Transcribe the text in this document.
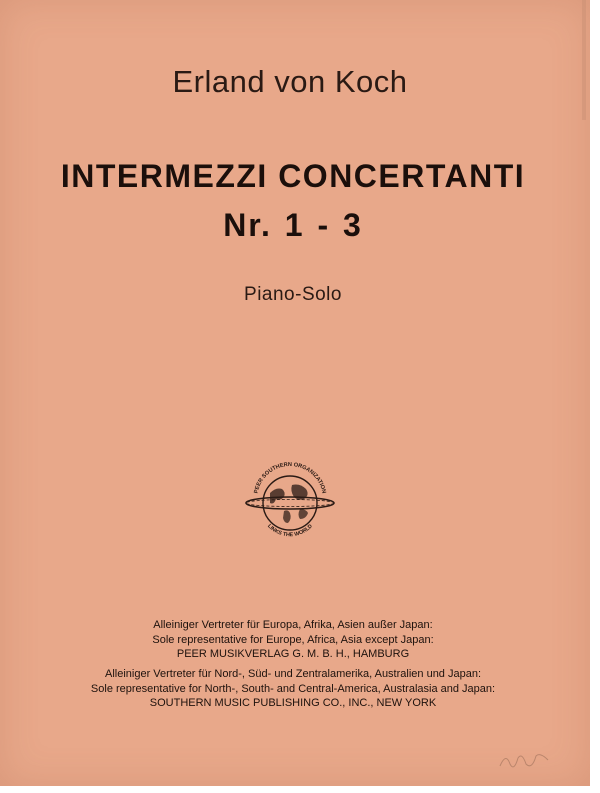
Erland von Koch
INTERMEZZI CONCERTANTI
Nr. 1 - 3
Piano-Solo
PEER SOUTHERN ORGANIZATION
LINKS THE WORLD
Alleiniger Vertreter für Europa, Afrika, Asien außer Japan:
Sole representative for Europe, Africa, Asia except Japan:
PEER MUSIKVERLAG G. M. B. H., HAMBURG
Alleiniger Vertreter für Nord-, Süd- und Zentralamerika, Australien und Japan:
Sole representative for North-, South- and Central-America, Australasia and Japan:
SOUTHERN MUSIC PUBLISHING CO., INC., NEW YORK
